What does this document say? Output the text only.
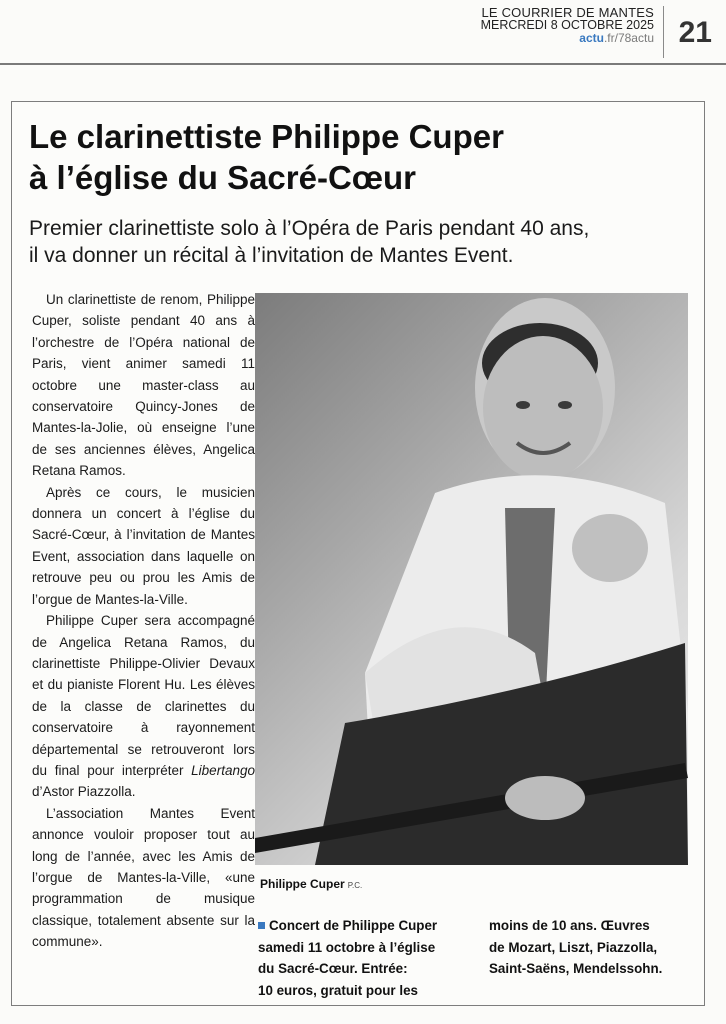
LE COURRIER DE MANTES
MERCREDI 8 OCTOBRE 2025
actu.fr/78actu 21
Le clarinettiste Philippe Cuper
à l’église du Sacré-Cœur

Premier clarinettiste solo à l’Opéra de Paris pendant 40 ans,
il va donner un récital à l’invitation de Mantes Event.

Un clarinettiste de renom, Philippe Cuper, soliste pendant 40 ans à l’orchestre de l’Opéra national de Paris, vient animer samedi 11 octobre une master-class au conservatoire Quincy-Jones de Mantes-la-Jolie, où enseigne l’une de ses anciennes élèves, Angelica Retana Ramos.

Après ce cours, le musicien donnera un concert à l’église du Sacré-Cœur, à l’invitation de Mantes Event, association dans laquelle on retrouve peu ou prou les Amis de l’orgue de Mantes-la-Ville.

Philippe Cuper sera accompagné de Angelica Retana Ramos, du clarinettiste Philippe-Olivier Devaux et du pianiste Florent Hu. Les élèves de la classe de clarinettes du conservatoire à rayonnement départemental se retrouveront lors du final pour interpréter Libertango d’Astor Piazzolla.

L’association Mantes Event annonce vouloir proposer tout au long de l’année, avec les Amis de l’orgue de Mantes-la-Ville, «une programmation de musique classique, totalement absente sur la commune».

Philippe Cuper P.C.
Concert de Philippe Cuper
samedi 11 octobre à l’église
du Sacré-Cœur. Entrée:
10 euros, gratuit pour les
moins de 10 ans. Œuvres
de Mozart, Liszt, Piazzolla,
Saint-Saëns, Mendelssohn.
